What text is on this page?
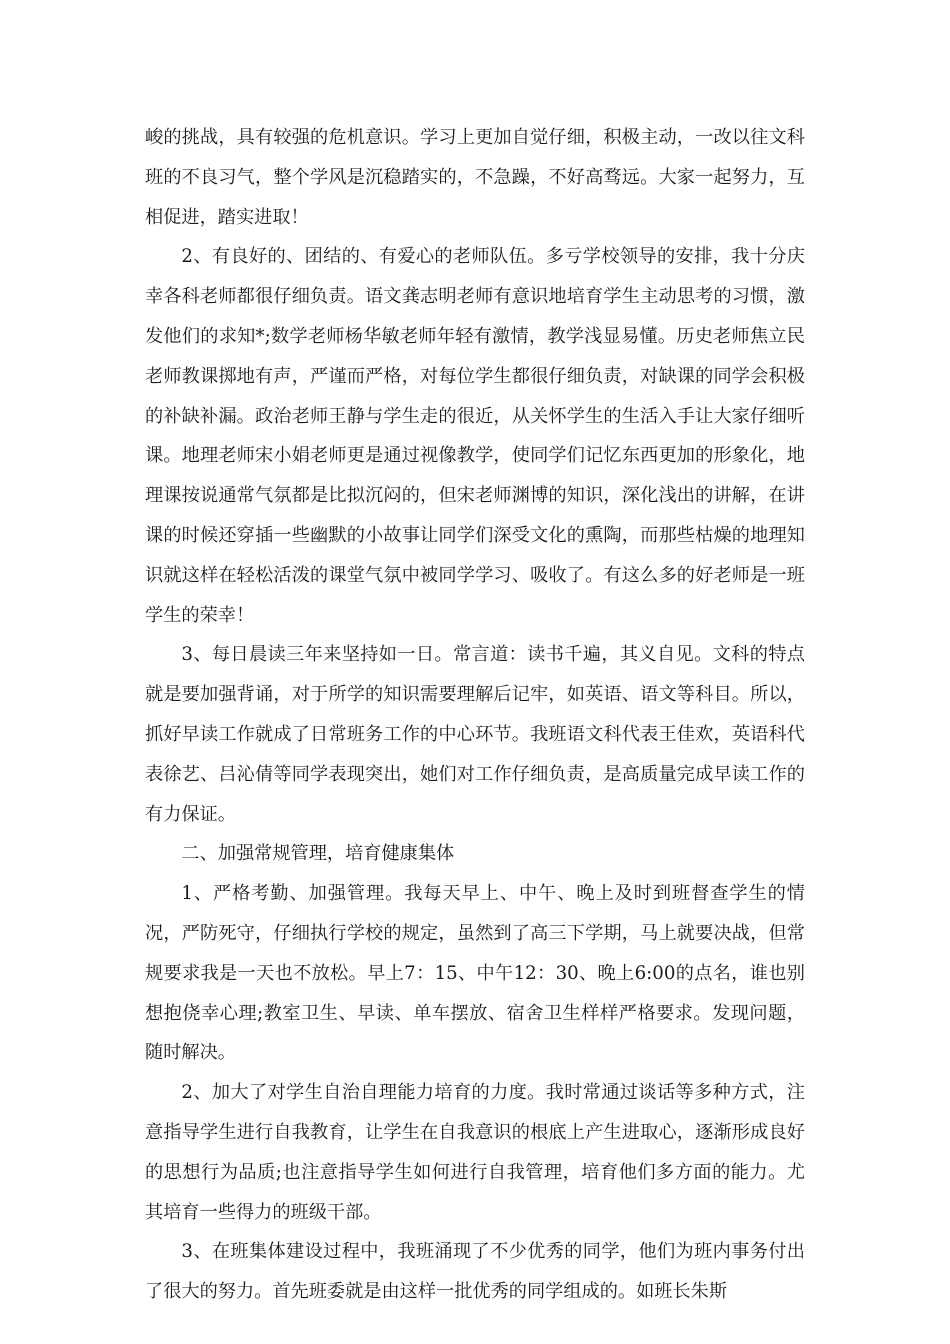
峻的挑战，具有较强的危机意识。学习上更加自觉仔细，积极主动，一改以往文科班的不良习气，整个学风是沉稳踏实的，不急躁，不好高骛远。大家一起努力，互相促进，踏实进取！

2、有良好的、团结的、有爱心的老师队伍。多亏学校领导的安排，我十分庆幸各科老师都很仔细负责。语文龚志明老师有意识地培育学生主动思考的习惯，激发他们的求知*;数学老师杨华敏老师年轻有激情，教学浅显易懂。历史老师焦立民老师教课掷地有声，严谨而严格，对每位学生都很仔细负责，对缺课的同学会积极的补缺补漏。政治老师王静与学生走的很近，从关怀学生的生活入手让大家仔细听课。地理老师宋小娟老师更是通过视像教学，使同学们记忆东西更加的形象化，地理课按说通常气氛都是比拟沉闷的，但宋老师渊博的知识，深化浅出的讲解，在讲课的时候还穿插一些幽默的小故事让同学们深受文化的熏陶，而那些枯燥的地理知识就这样在轻松活泼的课堂气氛中被同学学习、吸收了。有这么多的好老师是一班学生的荣幸！

3、每日晨读三年来坚持如一日。常言道：读书千遍，其义自见。文科的特点就是要加强背诵，对于所学的知识需要理解后记牢，如英语、语文等科目。所以，抓好早读工作就成了日常班务工作的中心环节。我班语文科代表王佳欢，英语科代表徐艺、吕沁倩等同学表现突出，她们对工作仔细负责，是高质量完成早读工作的有力保证。

二、加强常规管理，培育健康集体

1、严格考勤、加强管理。我每天早上、中午、晚上及时到班督查学生的情况，严防死守，仔细执行学校的规定，虽然到了高三下学期，马上就要决战，但常规要求我是一天也不放松。早上7：15、中午12：30、晚上6:00的点名，谁也别想抱侥幸心理;教室卫生、早读、单车摆放、宿舍卫生样样严格要求。发现问题，随时解决。

2、加大了对学生自治自理能力培育的力度。我时常通过谈话等多种方式，注意指导学生进行自我教育，让学生在自我意识的根底上产生进取心，逐渐形成良好的思想行为品质;也注意指导学生如何进行自我管理，培育他们多方面的能力。尤其培育一些得力的班级干部。

3、在班集体建设过程中，我班涌现了不少优秀的同学，他们为班内事务付出了很大的努力。首先班委就是由这样一批优秀的同学组成的。如班长朱斯
